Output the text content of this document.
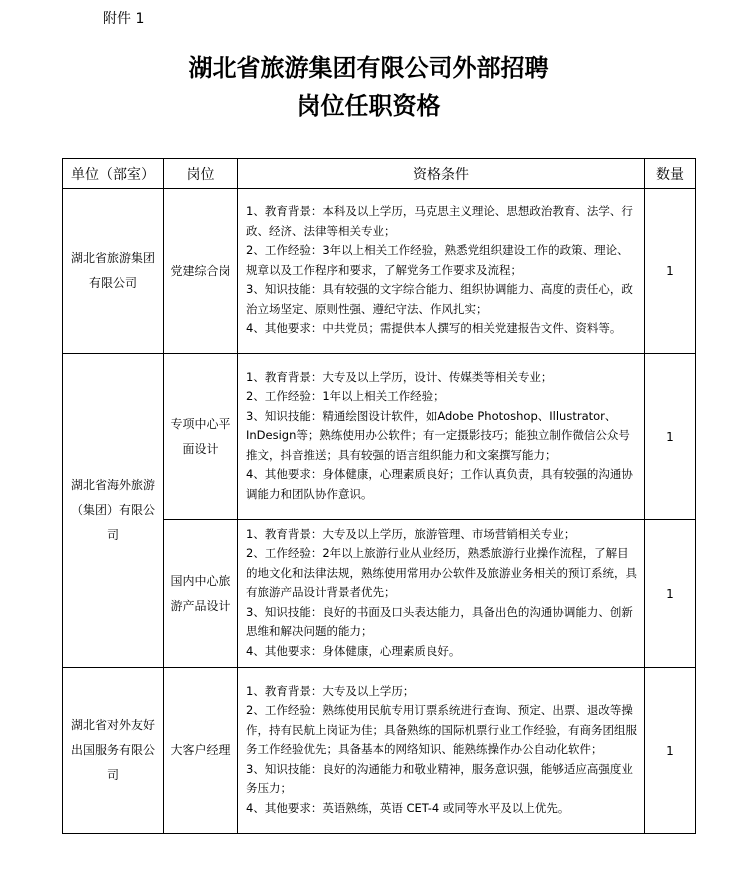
附件 1
湖北省旅游集团有限公司外部招聘
岗位任职资格
单位（部室）	岗位	资格条件	数量
湖北省旅游集团有限公司	党建综合岗	1、教育背景：本科及以上学历，马克思主义理论、思想政治教育、法学、行政、经济、法律等相关专业；
2、工作经验：3年以上相关工作经验，熟悉党组织建设工作的政策、理论、规章以及工作程序和要求，了解党务工作要求及流程；
3、知识技能：具有较强的文字综合能力、组织协调能力、高度的责任心，政治立场坚定、原则性强、遵纪守法、作风扎实；
4、其他要求：中共党员；需提供本人撰写的相关党建报告文件、资料等。	1
湖北省海外旅游（集团）有限公司	专项中心平面设计	1、教育背景：大专及以上学历，设计、传媒类等相关专业；
2、工作经验：1年以上相关工作经验；
3、知识技能：精通绘图设计软件，如Adobe Photoshop、Illustrator、InDesign等；熟练使用办公软件；有一定摄影技巧；能独立制作微信公众号推文，抖音推送；具有较强的语言组织能力和文案撰写能力；
4、其他要求：身体健康，心理素质良好；工作认真负责，具有较强的沟通协调能力和团队协作意识。	1
	国内中心旅游产品设计	1、教育背景：大专及以上学历，旅游管理、市场营销相关专业；
2、工作经验：2年以上旅游行业从业经历，熟悉旅游行业操作流程，了解目的地文化和法律法规，熟练使用常用办公软件及旅游业务相关的预订系统，具有旅游产品设计背景者优先；
3、知识技能：良好的书面及口头表达能力，具备出色的沟通协调能力、创新思维和解决问题的能力；
4、其他要求：身体健康，心理素质良好。	1
湖北省对外友好出国服务有限公司	大客户经理	1、教育背景：大专及以上学历；
2、工作经验：熟练使用民航专用订票系统进行查询、预定、出票、退改等操作，持有民航上岗证为佳；具备熟练的国际机票行业工作经验，有商务团组服务工作经验优先；具备基本的网络知识、能熟练操作办公自动化软件；
3、知识技能：良好的沟通能力和敬业精神，服务意识强，能够适应高强度业务压力；
4、其他要求：英语熟练，英语 CET-4 或同等水平及以上优先。	1
